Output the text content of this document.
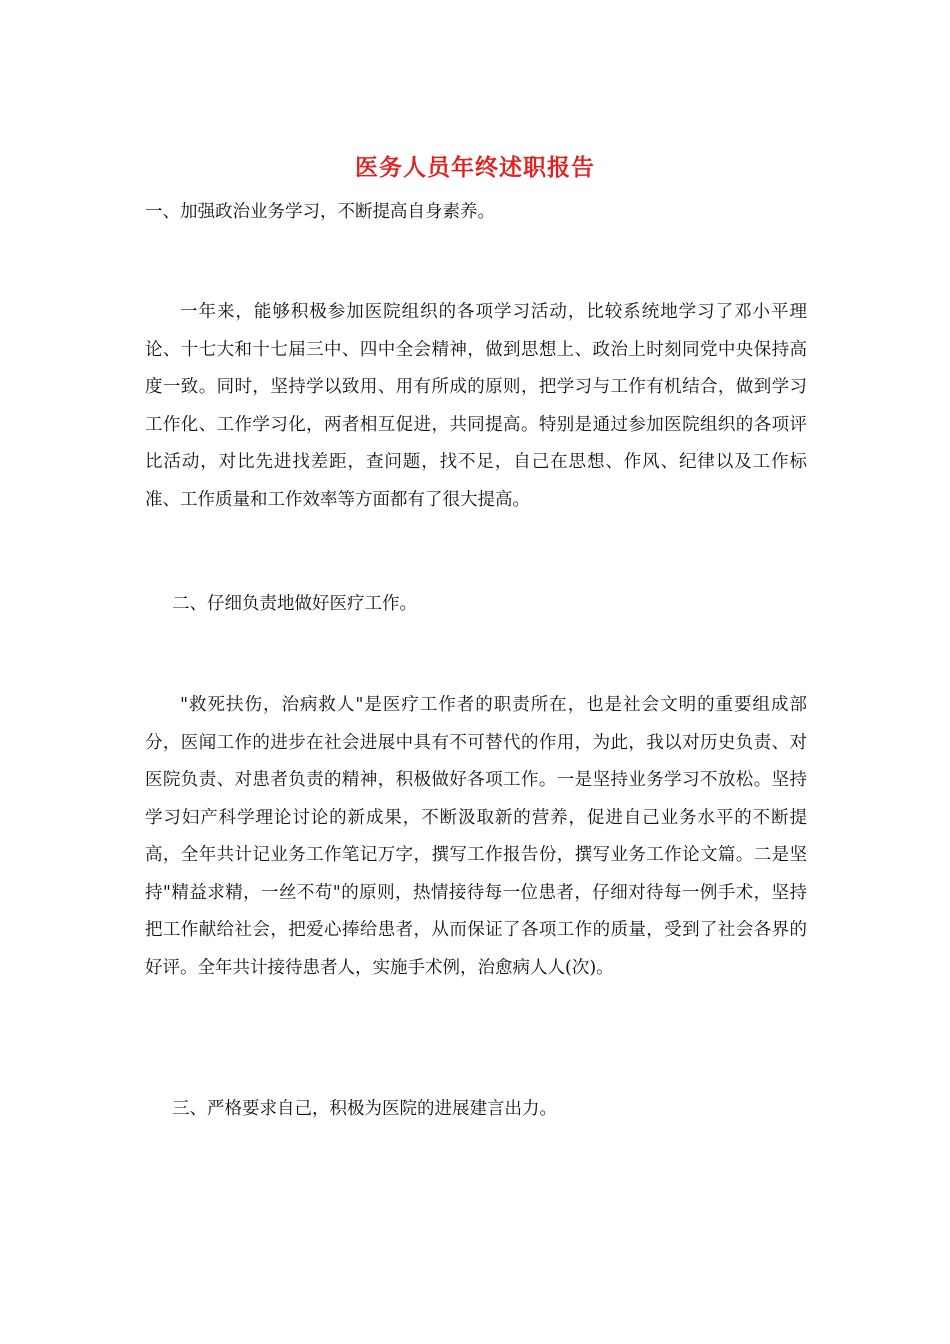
医务人员年终述职报告
一、加强政治业务学习，不断提高自身素养。

一年来，能够积极参加医院组织的各项学习活动，比较系统地学习了邓小平理论、十七大和十七届三中、四中全会精神，做到思想上、政治上时刻同党中央保持高度一致。同时，坚持学以致用、用有所成的原则，把学习与工作有机结合，做到学习工作化、工作学习化，两者相互促进，共同提高。特别是通过参加医院组织的各项评比活动，对比先进找差距，查问题，找不足，自己在思想、作风、纪律以及工作标准、工作质量和工作效率等方面都有了很大提高。

二、仔细负责地做好医疗工作。

"救死扶伤，治病救人"是医疗工作者的职责所在，也是社会文明的重要组成部分，医闻工作的进步在社会进展中具有不可替代的作用，为此，我以对历史负责、对医院负责、对患者负责的精神，积极做好各项工作。一是坚持业务学习不放松。坚持学习妇产科学理论讨论的新成果，不断汲取新的营养，促进自己业务水平的不断提高，全年共计记业务工作笔记万字，撰写工作报告份，撰写业务工作论文篇。二是坚持"精益求精，一丝不苟"的原则，热情接待每一位患者，仔细对待每一例手术，坚持把工作献给社会，把爱心捧给患者，从而保证了各项工作的质量，受到了社会各界的好评。全年共计接待患者人，实施手术例，治愈病人人(次)。

三、严格要求自己，积极为医院的进展建言出力。
